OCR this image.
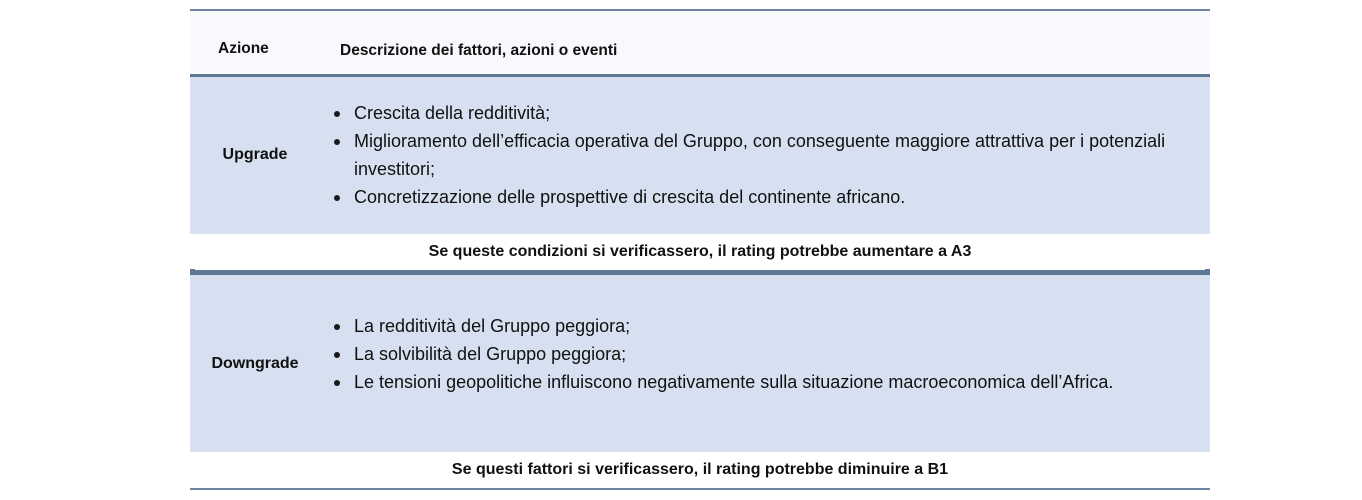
Azione	Descrizione dei fattori, azioni o eventi
Upgrade
Crescita della redditività;
Miglioramento dell’efficacia operativa del Gruppo, con conseguente maggiore attrattiva per i potenziali investitori;
Concretizzazione delle prospettive di crescita del continente africano.
Se queste condizioni si verificassero, il rating potrebbe aumentare a A3
Downgrade
La redditività del Gruppo peggiora;
La solvibilità del Gruppo peggiora;
Le tensioni geopolitiche influiscono negativamente sulla situazione macroeconomica dell’Africa.
Se questi fattori si verificassero, il rating potrebbe diminuire a B1
